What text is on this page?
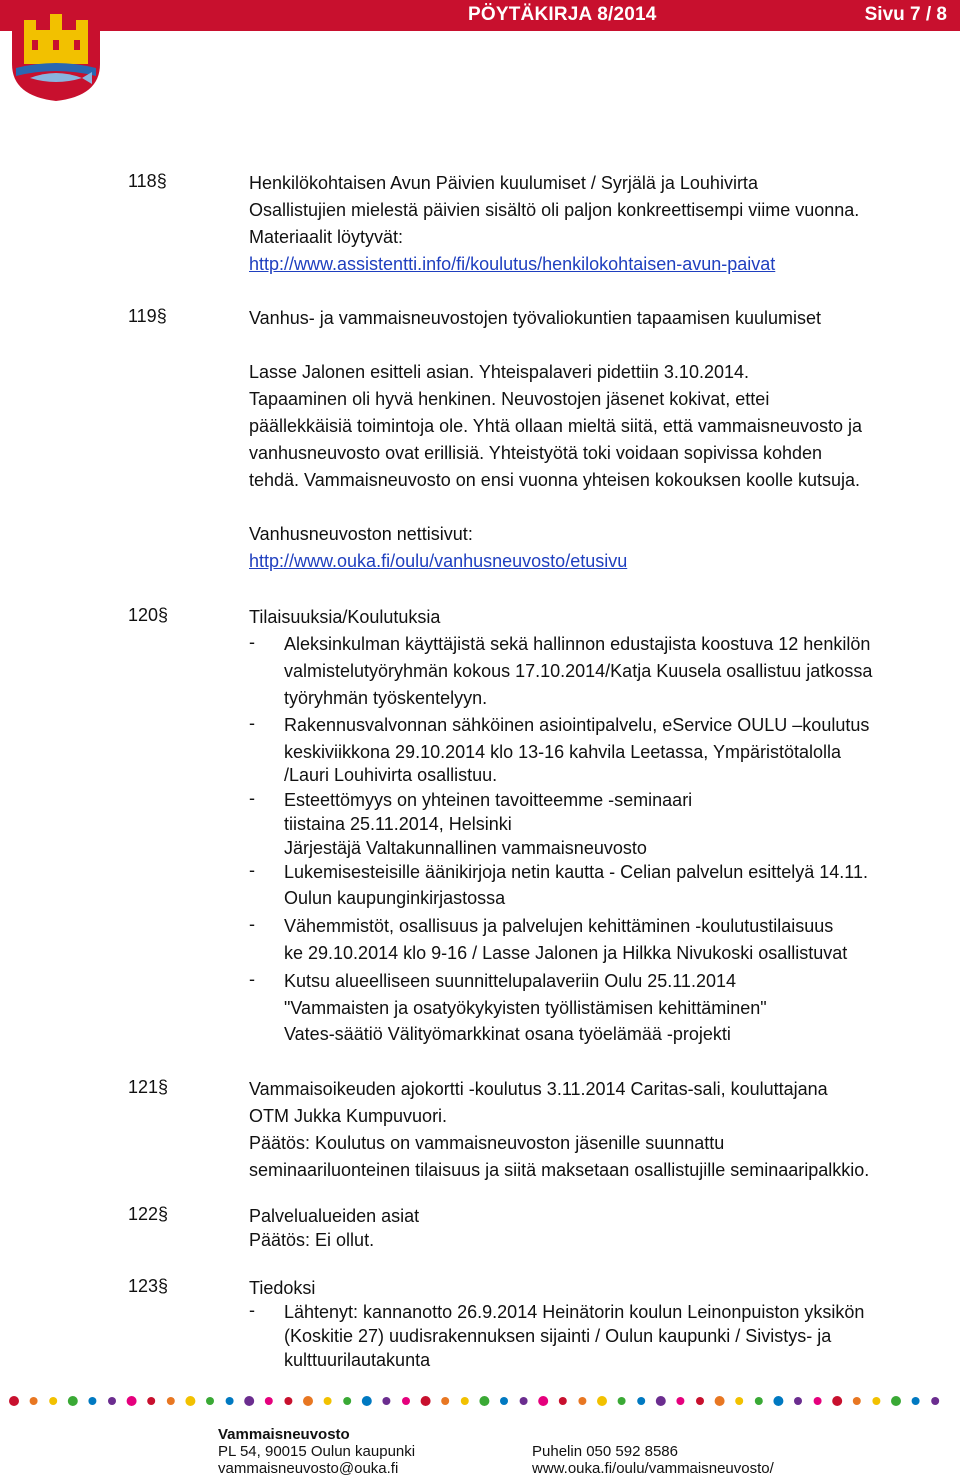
PÖYTÄKIRJA 8/2014	Sivu 7 / 8
118§	Henkilökohtaisen Avun Päivien kuulumiset / Syrjälä ja Louhivirta
Osallistujien mielestä päivien sisältö oli paljon konkreettisempi viime vuonna.
Materiaalit löytyvät:
http://www.assistentti.info/fi/koulutus/henkilokohtaisen-avun-paivat
119§	Vanhus- ja vammaisneuvostojen työvaliokuntien tapaamisen kuulumiset
Lasse Jalonen esitteli asian. Yhteispalaveri pidettiin 3.10.2014.
Tapaaminen oli hyvä henkinen. Neuvostojen jäsenet kokivat, ettei
päällekkäisiä toimintoja ole. Yhtä ollaan mieltä siitä, että vammaisneuvosto ja
vanhusneuvosto ovat erillisiä. Yhteistyötä toki voidaan sopivissa kohden
tehdä. Vammaisneuvosto on ensi vuonna yhteisen kokouksen koolle kutsuja.
Vanhusneuvoston nettisivut:
http://www.ouka.fi/oulu/vanhusneuvosto/etusivu
120§	Tilaisuuksia/Koulutuksia
- Aleksinkulman käyttäjistä sekä hallinnon edustajista koostuva 12 henkilön
valmistelutyöryhmän kokous 17.10.2014/Katja Kuusela osallistuu jatkossa
työryhmän työskentelyyn.
- Rakennusvalvonnan sähköinen asiointipalvelu, eService OULU –koulutus
keskiviikkona 29.10.2014 klo 13-16 kahvila Leetassa, Ympäristötalolla
/Lauri Louhivirta osallistuu.
- Esteettömyys on yhteinen tavoitteemme -seminaari
tiistaina 25.11.2014, Helsinki
Järjestäjä Valtakunnallinen vammaisneuvosto
- Lukemisesteisille äänikirjoja netin kautta - Celian palvelun esittelyä 14.11.
Oulun kaupunginkirjastossa
- Vähemmistöt, osallisuus ja palvelujen kehittäminen -koulutustilaisuus
ke 29.10.2014 klo 9-16 / Lasse Jalonen ja Hilkka Nivukoski osallistuvat
- Kutsu alueelliseen suunnittelupalaveriin Oulu 25.11.2014
"Vammaisten ja osatyökykyisten työllistämisen kehittäminen"
Vates-säätiö Välityömarkkinat osana työelämää -projekti
121§	Vammaisoikeuden ajokortti -koulutus 3.11.2014 Caritas-sali, kouluttajana
OTM Jukka Kumpuvuori.
Päätös: Koulutus on vammaisneuvoston jäsenille suunnattu
seminaariluonteinen tilaisuus ja siitä maksetaan osallistujille seminaaripalkkio.
122§	Palvelualueiden asiat
Päätös: Ei ollut.
123§	Tiedoksi
- Lähtenyt: kannanotto 26.9.2014 Heinätorin koulun Leinonpuiston yksikön
(Koskitie 27) uudisrakennuksen sijainti / Oulun kaupunki / Sivistys- ja
kulttuurilautakunta
Vammaisneuvosto
PL 54, 90015 Oulun kaupunki
vammaisneuvosto@ouka.fi
Puhelin 050 592 8586
www.ouka.fi/oulu/vammaisneuvosto/
